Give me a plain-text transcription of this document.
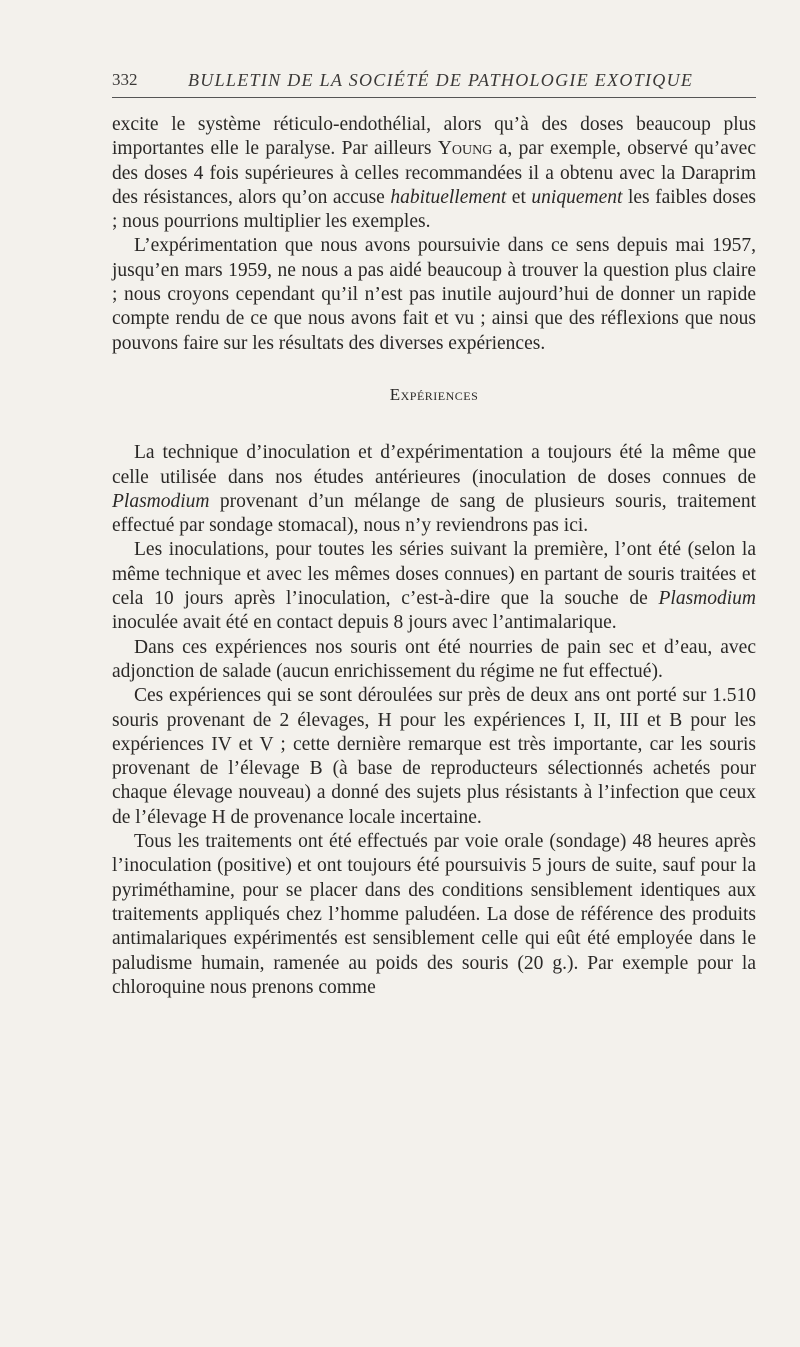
332	BULLETIN DE LA SOCIÉTÉ DE PATHOLOGIE EXOTIQUE

excite le système réticulo-endothélial, alors qu’à des doses beaucoup plus importantes elle le paralyse. Par ailleurs Young a, par exemple, observé qu’avec des doses 4 fois supérieures à celles recommandées il a obtenu avec la Daraprim des résistances, alors qu’on accuse habituellement et uniquement les faibles doses ; nous pourrions multiplier les exemples.

L’expérimentation que nous avons poursuivie dans ce sens depuis mai 1957, jusqu’en mars 1959, ne nous a pas aidé beaucoup à trouver la question plus claire ; nous croyons cependant qu’il n’est pas inutile aujourd’hui de donner un rapide compte rendu de ce que nous avons fait et vu ; ainsi que des réflexions que nous pouvons faire sur les résultats des diverses expériences.

Expériences

La technique d’inoculation et d’expérimentation a toujours été la même que celle utilisée dans nos études antérieures (inoculation de doses connues de Plasmodium provenant d’un mélange de sang de plusieurs souris, traitement effectué par sondage stomacal), nous n’y reviendrons pas ici.

Les inoculations, pour toutes les séries suivant la première, l’ont été (selon la même technique et avec les mêmes doses connues) en partant de souris traitées et cela 10 jours après l’inoculation, c’est-à-dire que la souche de Plasmodium inoculée avait été en contact depuis 8 jours avec l’antimalarique.

Dans ces expériences nos souris ont été nourries de pain sec et d’eau, avec adjonction de salade (aucun enrichissement du régime ne fut effectué).

Ces expériences qui se sont déroulées sur près de deux ans ont porté sur 1.510 souris provenant de 2 élevages, H pour les expériences I, II, III et B pour les expériences IV et V ; cette dernière remarque est très importante, car les souris provenant de l’élevage B (à base de reproducteurs sélectionnés achetés pour chaque élevage nouveau) a donné des sujets plus résistants à l’infection que ceux de l’élevage H de provenance locale incertaine.

Tous les traitements ont été effectués par voie orale (sondage) 48 heures après l’inoculation (positive) et ont toujours été poursuivis 5 jours de suite, sauf pour la pyriméthamine, pour se placer dans des conditions sensiblement identiques aux traitements appliqués chez l’homme paludéen. La dose de référence des produits antimalariques expérimentés est sensiblement celle qui eût été employée dans le paludisme humain, ramenée au poids des souris (20 g.). Par exemple pour la chloroquine nous prenons comme
